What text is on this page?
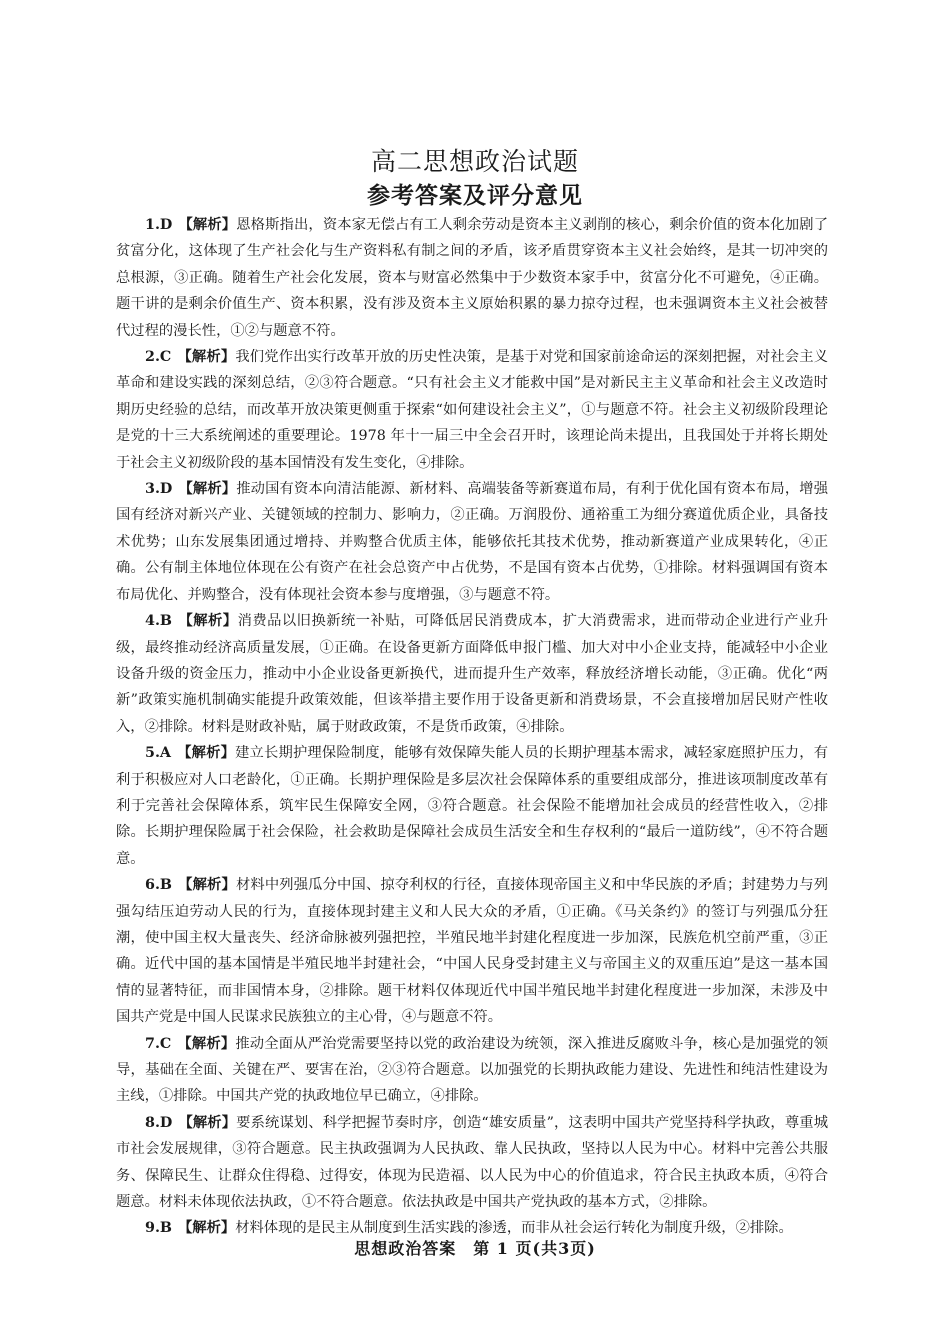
高二思想政治试题
参考答案及评分意见

1.D 【解析】恩格斯指出，资本家无偿占有工人剩余劳动是资本主义剥削的核心，剩余价值的资本化加剧了贫富分化，这体现了生产社会化与生产资料私有制之间的矛盾，该矛盾贯穿资本主义社会始终，是其一切冲突的总根源，③正确。随着生产社会化发展，资本与财富必然集中于少数资本家手中，贫富分化不可避免，④正确。题干讲的是剩余价值生产、资本积累，没有涉及资本主义原始积累的暴力掠夺过程，也未强调资本主义社会被替代过程的漫长性，①②与题意不符。

2.C 【解析】我们党作出实行改革开放的历史性决策，是基于对党和国家前途命运的深刻把握，对社会主义革命和建设实践的深刻总结，②③符合题意。“只有社会主义才能救中国”是对新民主主义革命和社会主义改造时期历史经验的总结，而改革开放决策更侧重于探索“如何建设社会主义”，①与题意不符。社会主义初级阶段理论是党的十三大系统阐述的重要理论。1978 年十一届三中全会召开时，该理论尚未提出，且我国处于并将长期处于社会主义初级阶段的基本国情没有发生变化，④排除。

3.D 【解析】推动国有资本向清洁能源、新材料、高端装备等新赛道布局，有利于优化国有资本布局，增强国有经济对新兴产业、关键领域的控制力、影响力，②正确。万润股份、通裕重工为细分赛道优质企业，具备技术优势；山东发展集团通过增持、并购整合优质主体，能够依托其技术优势，推动新赛道产业成果转化，④正确。公有制主体地位体现在公有资产在社会总资产中占优势，不是国有资本占优势，①排除。材料强调国有资本布局优化、并购整合，没有体现社会资本参与度增强，③与题意不符。

4.B 【解析】消费品以旧换新统一补贴，可降低居民消费成本，扩大消费需求，进而带动企业进行产业升级，最终推动经济高质量发展，①正确。在设备更新方面降低申报门槛、加大对中小企业支持，能减轻中小企业设备升级的资金压力，推动中小企业设备更新换代，进而提升生产效率，释放经济增长动能，③正确。优化“两新”政策实施机制确实能提升政策效能，但该举措主要作用于设备更新和消费场景，不会直接增加居民财产性收入，②排除。材料是财政补贴，属于财政政策，不是货币政策，④排除。

5.A 【解析】建立长期护理保险制度，能够有效保障失能人员的长期护理基本需求，减轻家庭照护压力，有利于积极应对人口老龄化，①正确。长期护理保险是多层次社会保障体系的重要组成部分，推进该项制度改革有利于完善社会保障体系，筑牢民生保障安全网，③符合题意。社会保险不能增加社会成员的经营性收入，②排除。长期护理保险属于社会保险，社会救助是保障社会成员生活安全和生存权利的“最后一道防线”，④不符合题意。

6.B 【解析】材料中列强瓜分中国、掠夺利权的行径，直接体现帝国主义和中华民族的矛盾；封建势力与列强勾结压迫劳动人民的行为，直接体现封建主义和人民大众的矛盾，①正确。《马关条约》的签订与列强瓜分狂潮，使中国主权大量丧失、经济命脉被列强把控，半殖民地半封建化程度进一步加深，民族危机空前严重，③正确。近代中国的基本国情是半殖民地半封建社会，“中国人民身受封建主义与帝国主义的双重压迫”是这一基本国情的显著特征，而非国情本身，②排除。题干材料仅体现近代中国半殖民地半封建化程度进一步加深，未涉及中国共产党是中国人民谋求民族独立的主心骨，④与题意不符。

7.C 【解析】推动全面从严治党需要坚持以党的政治建设为统领，深入推进反腐败斗争，核心是加强党的领导，基础在全面、关键在严、要害在治，②③符合题意。以加强党的长期执政能力建设、先进性和纯洁性建设为主线，①排除。中国共产党的执政地位早已确立，④排除。

8.D 【解析】要系统谋划、科学把握节奏时序，创造“雄安质量”，这表明中国共产党坚持科学执政，尊重城市社会发展规律，③符合题意。民主执政强调为人民执政、靠人民执政，坚持以人民为中心。材料中完善公共服务、保障民生、让群众住得稳、过得安，体现为民造福、以人民为中心的价值追求，符合民主执政本质，④符合题意。材料未体现依法执政，①不符合题意。依法执政是中国共产党执政的基本方式，②排除。

9.B 【解析】材料体现的是民主从制度到生活实践的渗透，而非从社会运行转化为制度升级，②排除。

思想政治答案　第 1 页(共3页)
